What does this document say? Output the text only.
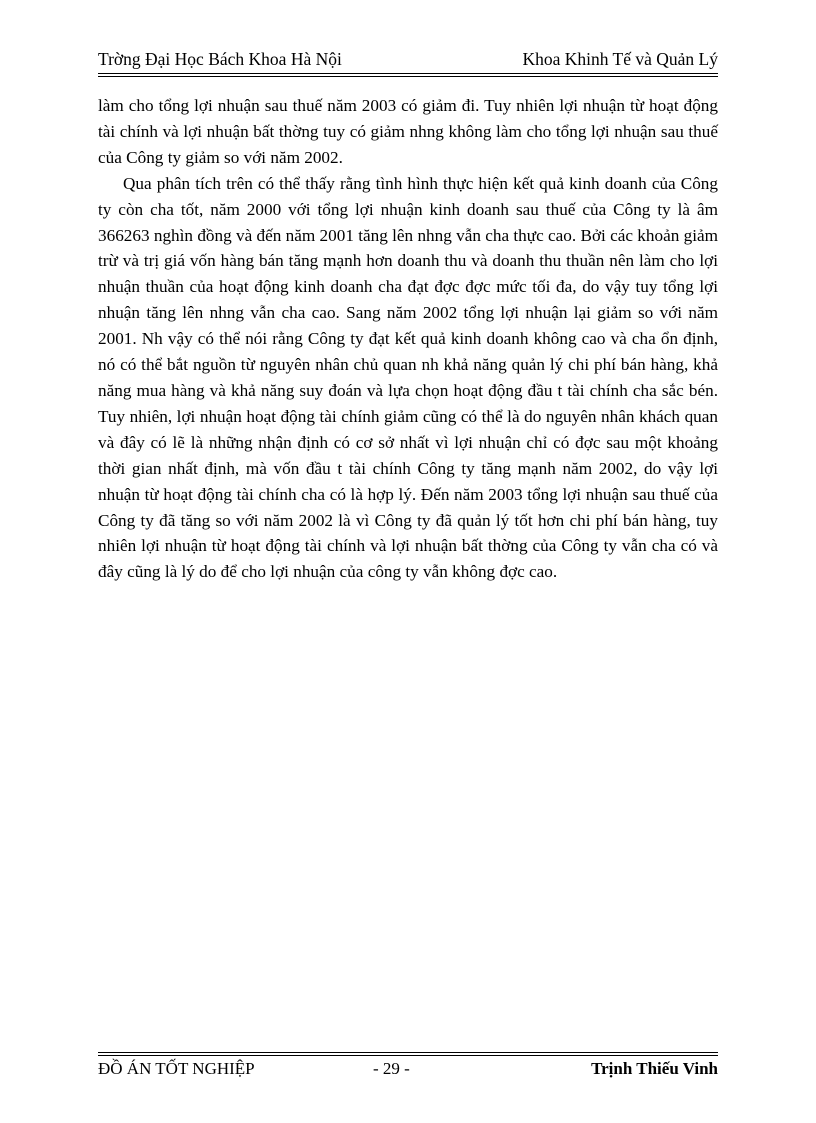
Trờng Đại Học Bách Khoa Hà Nội	Khoa Khinh Tế và Quản Lý

làm cho tổng lợi nhuận sau thuế năm 2003 có giảm đi. Tuy nhiên lợi nhuận từ hoạt động tài chính và lợi nhuận bất thờng tuy có giảm nhng không làm cho tổng lợi nhuận sau thuế của Công ty giảm so với năm 2002.

Qua phân tích trên có thể thấy rằng tình hình thực hiện kết quả kinh doanh của Công ty còn cha tốt, năm 2000 với tổng lợi nhuận kinh doanh sau thuế của Công ty là âm 366263 nghìn đồng và đến năm 2001 tăng lên nhng vẫn cha thực cao. Bởi các khoản giảm trừ và trị giá vốn hàng bán tăng mạnh hơn doanh thu và doanh thu thuần nên làm cho lợi nhuận thuần của hoạt động kinh doanh cha đạt đợc đợc mức tối đa, do vậy tuy tổng lợi nhuận tăng lên nhng vẫn cha cao. Sang năm 2002 tổng lợi nhuận lại giảm so với năm 2001. Nh vậy có thể nói rằng Công ty đạt kết quả kinh doanh không cao và cha ổn định, nó có thể bắt nguồn từ nguyên nhân chủ quan nh khả năng quản lý chi phí bán hàng, khả năng mua hàng và khả năng suy đoán và lựa chọn hoạt động đầu t tài chính cha sắc bén. Tuy nhiên, lợi nhuận hoạt động tài chính giảm cũng có thể là do nguyên nhân khách quan và đây có lẽ là những nhận định có cơ sở nhất vì lợi nhuận chỉ có đợc sau một khoảng thời gian nhất định, mà vốn đầu t tài chính Công ty tăng mạnh năm 2002, do vậy lợi nhuận từ hoạt động tài chính cha có là hợp lý. Đến năm 2003 tổng lợi nhuận sau thuế của Công ty đã tăng so với năm 2002 là vì Công ty đã quản lý tốt hơn chi phí bán hàng, tuy nhiên lợi nhuận từ hoạt động tài chính và lợi nhuận bất thờng của Công ty vẫn cha có và đây cũng là lý do để cho lợi nhuận của công ty vẫn không đợc cao.

ĐỒ ÁN TỐT NGHIỆP	- 29 -	Trịnh Thiếu Vinh
